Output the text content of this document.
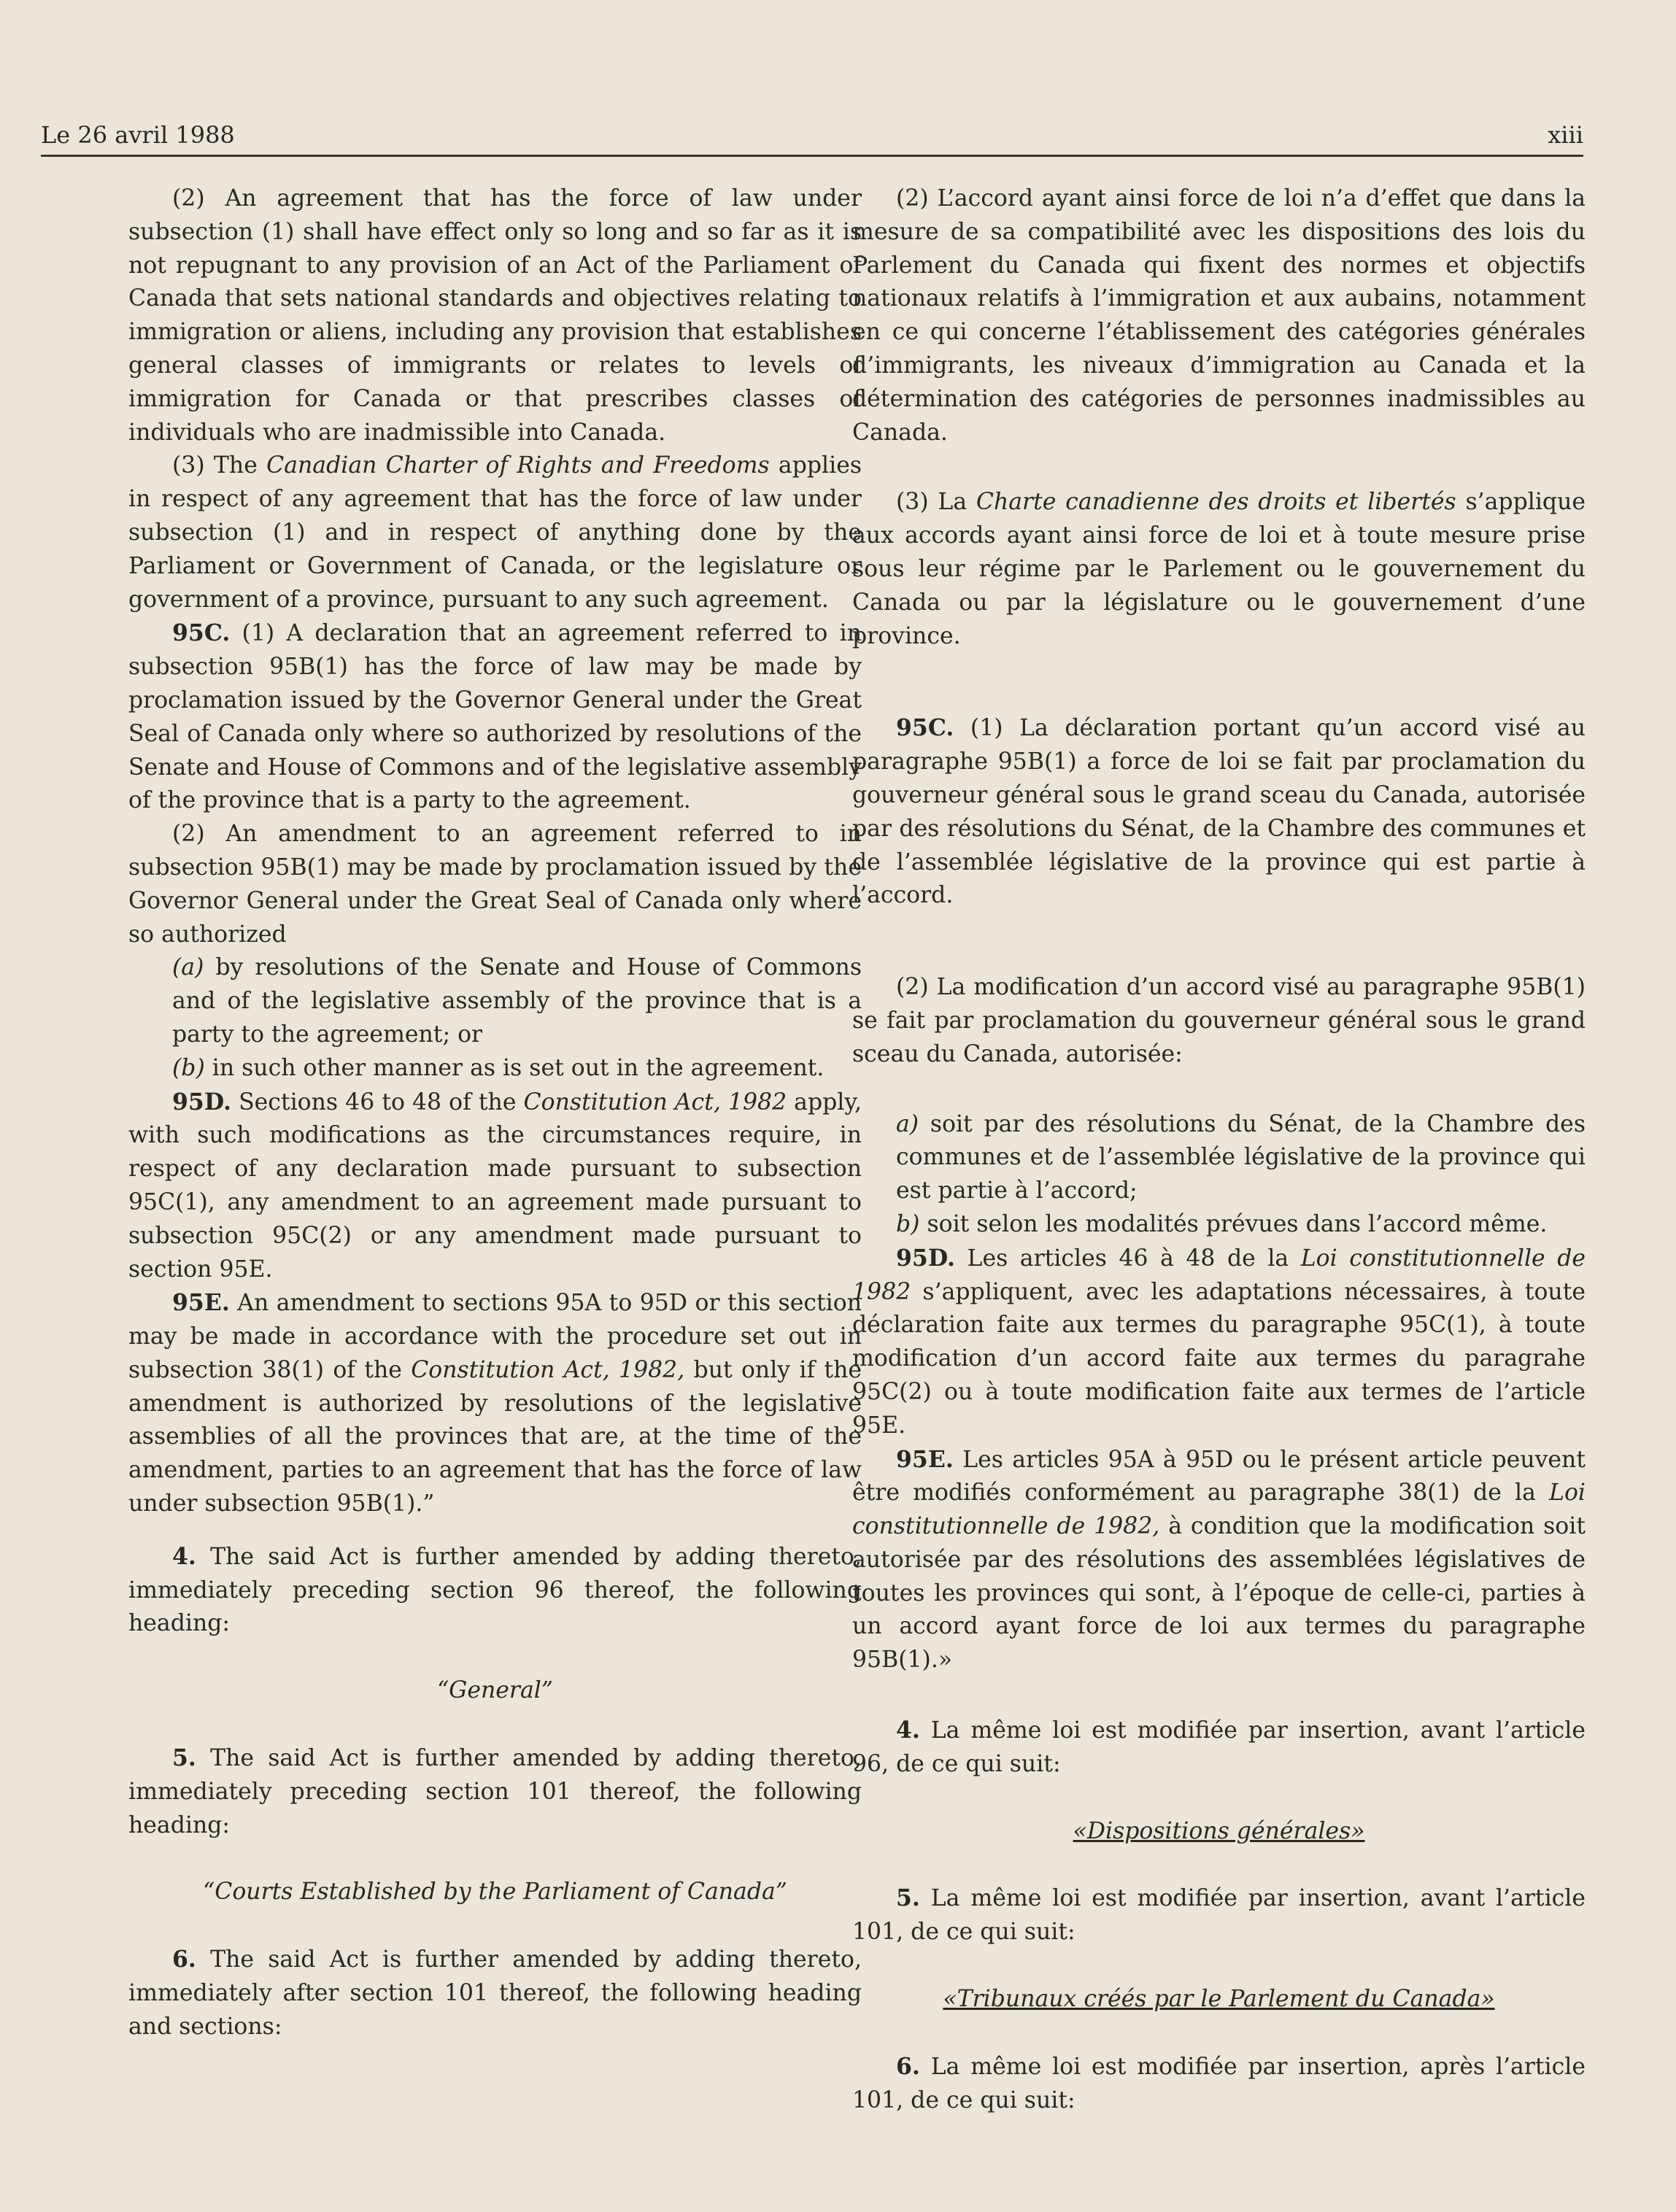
Le 26 avril 1988	xiii

(2) An agreement that has the force of law under subsection (1) shall have effect only so long and so far as it is not repugnant to any provision of an Act of the Parliament of Canada that sets national standards and objectives relating to immigration or aliens, including any provision that establishes general classes of immigrants or relates to levels of immigration for Canada or that prescribes classes of individuals who are inadmissible into Canada.

(3) The Canadian Charter of Rights and Freedoms applies in respect of any agreement that has the force of law under subsection (1) and in respect of anything done by the Parliament or Government of Canada, or the legislature or government of a province, pursuant to any such agreement.

95C. (1) A declaration that an agreement referred to in subsection 95B(1) has the force of law may be made by proclamation issued by the Governor General under the Great Seal of Canada only where so authorized by resolutions of the Senate and House of Commons and of the legislative assembly of the province that is a party to the agreement.

(2) An amendment to an agreement referred to in subsection 95B(1) may be made by proclamation issued by the Governor General under the Great Seal of Canada only where so authorized

(a) by resolutions of the Senate and House of Commons and of the legislative assembly of the province that is a party to the agreement; or

(b) in such other manner as is set out in the agreement.

95D. Sections 46 to 48 of the Constitution Act, 1982 apply, with such modifications as the circumstances require, in respect of any declaration made pursuant to subsection 95C(1), any amendment to an agreement made pursuant to subsection 95C(2) or any amendment made pursuant to section 95E.

95E. An amendment to sections 95A to 95D or this section may be made in accordance with the procedure set out in subsection 38(1) of the Constitution Act, 1982, but only if the amendment is authorized by resolutions of the legislative assemblies of all the provinces that are, at the time of the amendment, parties to an agreement that has the force of law under subsection 95B(1).”

4. The said Act is further amended by adding thereto, immediately preceding section 96 thereof, the following heading:

“General”

5. The said Act is further amended by adding thereto, immediately preceding section 101 thereof, the following heading:

“Courts Established by the Parliament of Canada”

6. The said Act is further amended by adding thereto, immediately after section 101 thereof, the following heading and sections:

(2) L’accord ayant ainsi force de loi n’a d’effet que dans la mesure de sa compatibilité avec les dispositions des lois du Parlement du Canada qui fixent des normes et objectifs nationaux relatifs à l’immigration et aux aubains, notamment en ce qui concerne l’établissement des catégories générales d’immigrants, les niveaux d’immigration au Canada et la détermination des catégories de personnes inadmissibles au Canada.

(3) La Charte canadienne des droits et libertés s’applique aux accords ayant ainsi force de loi et à toute mesure prise sous leur régime par le Parlement ou le gouvernement du Canada ou par la législature ou le gouvernement d’une province.

95C. (1) La déclaration portant qu’un accord visé au paragraphe 95B(1) a force de loi se fait par proclamation du gouverneur général sous le grand sceau du Canada, autorisée par des résolutions du Sénat, de la Chambre des communes et de l’assemblée législative de la province qui est partie à l’accord.

(2) La modification d’un accord visé au paragraphe 95B(1) se fait par proclamation du gouverneur général sous le grand sceau du Canada, autorisée:

a) soit par des résolutions du Sénat, de la Chambre des communes et de l’assemblée législative de la province qui est partie à l’accord;

b) soit selon les modalités prévues dans l’accord même.

95D. Les articles 46 à 48 de la Loi constitutionnelle de 1982 s’appliquent, avec les adaptations nécessaires, à toute déclaration faite aux termes du paragraphe 95C(1), à toute modification d’un accord faite aux termes du paragrahe 95C(2) ou à toute modification faite aux termes de l’article 95E.

95E. Les articles 95A à 95D ou le présent article peuvent être modifiés conformément au paragraphe 38(1) de la Loi constitutionnelle de 1982, à condition que la modification soit autorisée par des résolutions des assemblées législatives de toutes les provinces qui sont, à l’époque de celle-ci, parties à un accord ayant force de loi aux termes du paragraphe 95B(1).»

4. La même loi est modifiée par insertion, avant l’article 96, de ce qui suit:

«Dispositions générales»

5. La même loi est modifiée par insertion, avant l’article 101, de ce qui suit:

«Tribunaux créés par le Parlement du Canada»

6. La même loi est modifiée par insertion, après l’article 101, de ce qui suit:
